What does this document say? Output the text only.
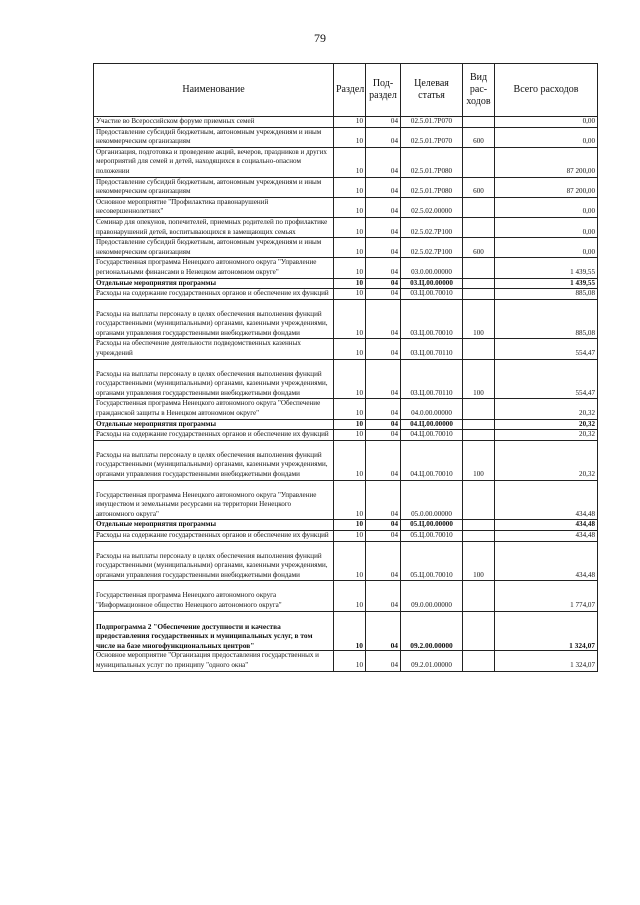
79
Наименование	Раздел	Под-раздел	Целевая статья	Вид рас-ходов	Всего расходов
Участие во Всероссийском форуме приемных семей	10	04	02.5.01.7Р070		0,00
Предоставление субсидий бюджетным, автономным учреждениям и иным некоммерческим организациям	10	04	02.5.01.7Р070	600	0,00
Организация, подготовка и проведение акций, вечеров, праздников и других мероприятий для семей и детей, находящихся в социально-опасном положении	10	04	02.5.01.7Р080		87 200,00
Предоставление субсидий бюджетным, автономным учреждениям и иным некоммерческим организациям	10	04	02.5.01.7Р080	600	87 200,00
Основное мероприятие "Профилактика правонарушений несовершеннолетних"	10	04	02.5.02.00000		0,00
Семинар для опекунов, попечителей, приемных родителей по профилактике правонарушений детей, воспитывающихся в замещающих семьях	10	04	02.5.02.7Р100		0,00
Предоставление субсидий бюджетным, автономным учреждениям и иным некоммерческим организациям	10	04	02.5.02.7Р100	600	0,00
Государственная программа Ненецкого автономного округа "Управление региональными финансами в Ненецком автономном округе"	10	04	03.0.00.00000		1 439,55
Отдельные мероприятия программы	10	04	03.Ц.00.00000		1 439,55
Расходы на содержание государственных органов и обеспечение их функций	10	04	03.Ц.00.70010		885,08
Расходы на выплаты персоналу в целях обеспечения выполнения функций государственными (муниципальными) органами, казенными учреждениями, органами управления государственными внебюджетными фондами	10	04	03.Ц.00.70010	100	885,08
Расходы на обеспечение деятельности подведомственных казенных учреждений	10	04	03.Ц.00.70110		554,47
Расходы на выплаты персоналу в целях обеспечения выполнения функций государственными (муниципальными) органами, казенными учреждениями, органами управления государственными внебюджетными фондами	10	04	03.Ц.00.70110	100	554,47
Государственная программа Ненецкого автономного округа "Обеспечение гражданской защиты в Ненецком автономном округе"	10	04	04.0.00.00000		20,32
Отдельные мероприятия программы	10	04	04.Ц.00.00000		20,32
Расходы на содержание государственных органов и обеспечение их функций	10	04	04.Ц.00.70010		20,32
Расходы на выплаты персоналу в целях обеспечения выполнения функций государственными (муниципальными) органами, казенными учреждениями, органами управления государственными внебюджетными фондами	10	04	04.Ц.00.70010	100	20,32
Государственная программа Ненецкого автономного округа "Управление имуществом и земельными ресурсами на территории Ненецкого автономного округа"	10	04	05.0.00.00000		434,48
Отдельные мероприятия программы	10	04	05.Ц.00.00000		434,48
Расходы на содержание государственных органов и обеспечение их функций	10	04	05.Ц.00.70010		434,48
Расходы на выплаты персоналу в целях обеспечения выполнения функций государственными (муниципальными) органами, казенными учреждениями, органами управления государственными внебюджетными фондами	10	04	05.Ц.00.70010	100	434,48
Государственная программа Ненецкого автономного округа "Информационное общество Ненецкого автономного округа"	10	04	09.0.00.00000		1 774,07
Подпрограмма 2 "Обеспечение доступности и качества предоставления государственных и муниципальных услуг, в том числе на базе многофункциональных центров"	10	04	09.2.00.00000		1 324,07
Основное мероприятие "Организация предоставления государственных и муниципальных услуг по принципу "одного окна"	10	04	09.2.01.00000		1 324,07
